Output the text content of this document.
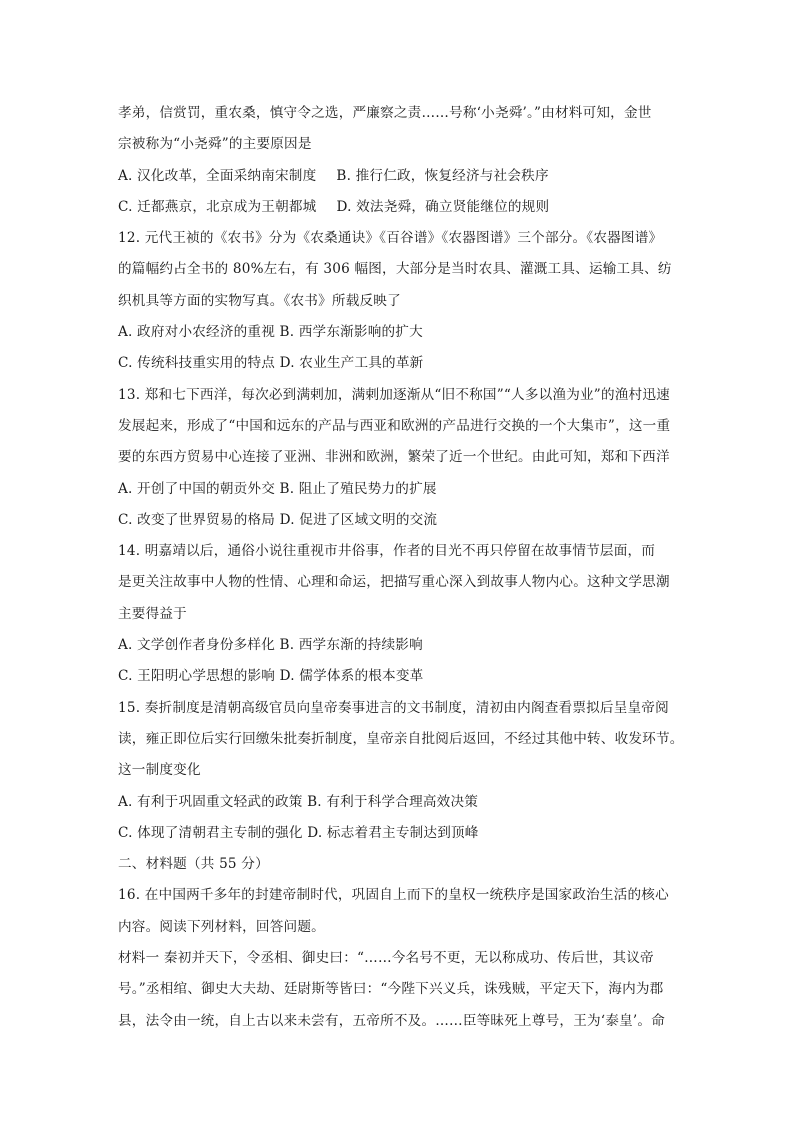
孝弟，信赏罚，重农桑，慎守令之选，严廉察之责……号称‘小尧舜’。”由材料可知，金世
宗被称为“小尧舜”的主要原因是
A. 汉化改革，全面采纳南宋制度 B. 推行仁政，恢复经济与社会秩序
C. 迁都燕京，北京成为王朝都城 D. 效法尧舜，确立贤能继位的规则
12. 元代王祯的《农书》分为《农桑通诀》《百谷谱》《农器图谱》三个部分。《农器图谱》
的篇幅约占全书的 80%左右，有 306 幅图，大部分是当时农具、灌溉工具、运输工具、纺
织机具等方面的实物写真。《农书》所载反映了
A. 政府对小农经济的重视 B. 西学东渐影响的扩大
C. 传统科技重实用的特点 D. 农业生产工具的革新
13. 郑和七下西洋，每次必到满剌加，满剌加逐渐从“旧不称国”“人多以渔为业”的渔村迅速
发展起来，形成了“中国和远东的产品与西亚和欧洲的产品进行交换的一个大集市”，这一重
要的东西方贸易中心连接了亚洲、非洲和欧洲，繁荣了近一个世纪。由此可知，郑和下西洋
A. 开创了中国的朝贡外交 B. 阻止了殖民势力的扩展
C. 改变了世界贸易的格局 D. 促进了区域文明的交流
14. 明嘉靖以后，通俗小说往重视市井俗事，作者的目光不再只停留在故事情节层面，而
是更关注故事中人物的性情、心理和命运，把描写重心深入到故事人物内心。这种文学思潮
主要得益于
A. 文学创作者身份多样化 B. 西学东渐的持续影响
C. 王阳明心学思想的影响 D. 儒学体系的根本变革
15. 奏折制度是清朝高级官员向皇帝奏事进言的文书制度，清初由内阁查看票拟后呈皇帝阅
读，雍正即位后实行回缴朱批奏折制度，皇帝亲自批阅后返回，不经过其他中转、收发环节。
这一制度变化
A. 有利于巩固重文轻武的政策 B. 有利于科学合理高效决策
C. 体现了清朝君主专制的强化 D. 标志着君主专制达到顶峰
二、材料题（共 55 分）
16. 在中国两千多年的封建帝制时代，巩固自上而下的皇权一统秩序是国家政治生活的核心
内容。阅读下列材料，回答问题。
材料一 秦初并天下，令丞相、御史曰：“……今名号不更，无以称成功、传后世，其议帝
号。”丞相绾、御史大夫劫、廷尉斯等皆曰：“今陛下兴义兵，诛残贼，平定天下，海内为郡
县，法令由一统，自上古以来未尝有，五帝所不及。……臣等昧死上尊号，王为‘泰皇’。命
